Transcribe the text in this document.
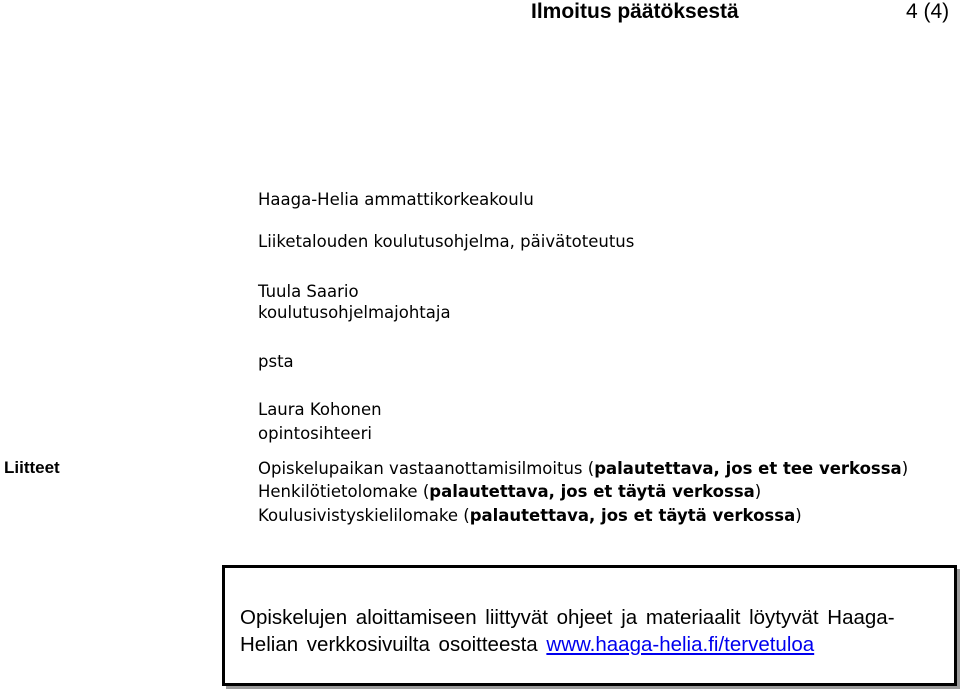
Ilmoitus päätöksestä	4 (4)
Haaga-Helia ammattikorkeakoulu
Liiketalouden koulutusohjelma, päivätoteutus
Tuula Saario
koulutusohjelmajohtaja
psta
Laura Kohonen
opintosihteeri
Liitteet	Opiskelupaikan vastaanottamisilmoitus (palautettava, jos et tee verkossa)
Henkilötietolomake (palautettava, jos et täytä verkossa)
Koulusivistyskielilomake (palautettava, jos et täytä verkossa)
Opiskelujen aloittamiseen liittyvät ohjeet ja materiaalit löytyvät Haaga-Helian verkkosivuilta osoitteesta www.haaga-helia.fi/tervetuloa
